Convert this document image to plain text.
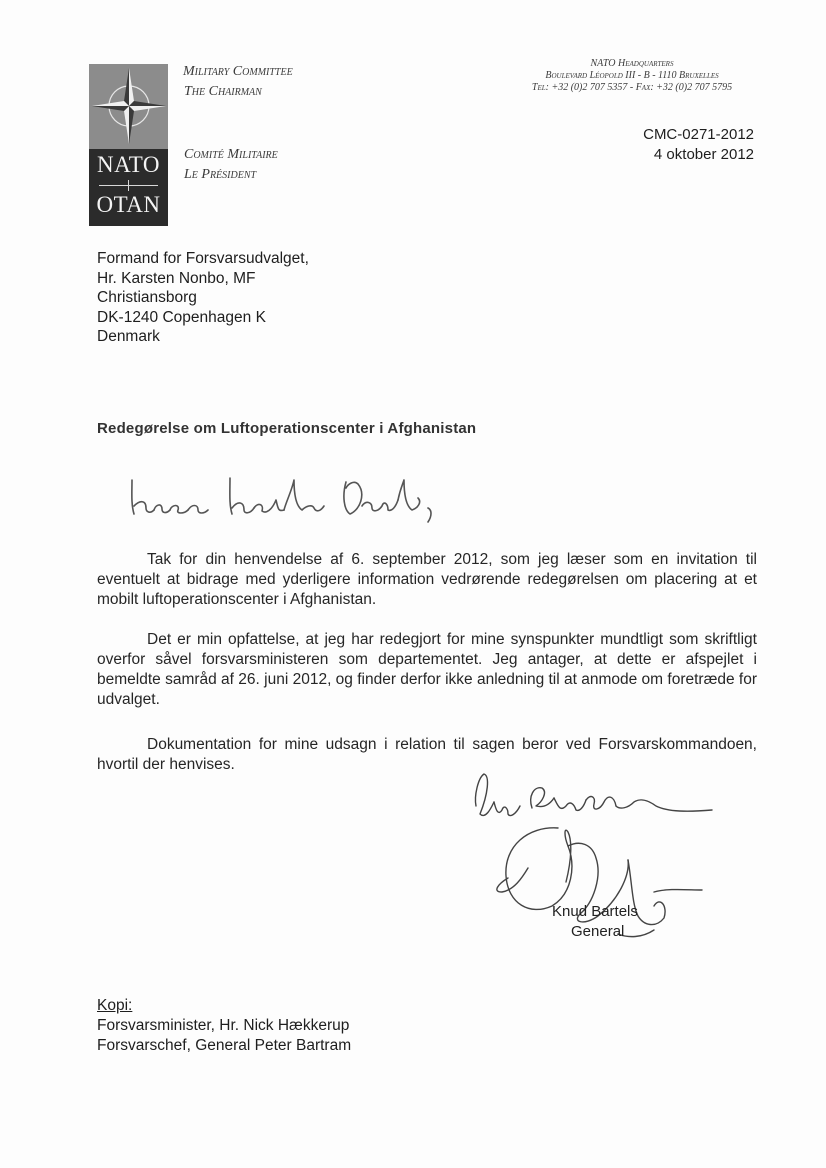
NATO
OTAN
Military Committee
The Chairman
Comité Militaire
Le Président
NATO Headquarters
Boulevard Léopold III - B - 1110 Bruxelles
Tel: +32 (0)2 707 5357 - Fax: +32 (0)2 707 5795
CMC-0271-2012
4 oktober 2012
Formand for Forsvarsudvalget,
Hr. Karsten Nonbo, MF
Christiansborg
DK-1240 Copenhagen K
Denmark
Redegørelse om Luftoperationscenter i Afghanistan
Tak for din henvendelse af 6. september 2012, som jeg læser som en invitation til eventuelt at bidrage med yderligere information vedrørende redegørelsen om placering at et mobilt luftoperationscenter i Afghanistan.
Det er min opfattelse, at jeg har redegjort for mine synspunkter mundtligt som skriftligt overfor såvel forsvarsministeren som departementet. Jeg antager, at dette er afspejlet i bemeldte samråd af 26. juni 2012, og finder derfor ikke anledning til at anmode om foretræde for udvalget.
Dokumentation for mine udsagn i relation til sagen beror ved Forsvarskommandoen, hvortil der henvises.
Knud Bartels
General
Kopi:
Forsvarsminister, Hr. Nick Hækkerup
Forsvarschef, General Peter Bartram
